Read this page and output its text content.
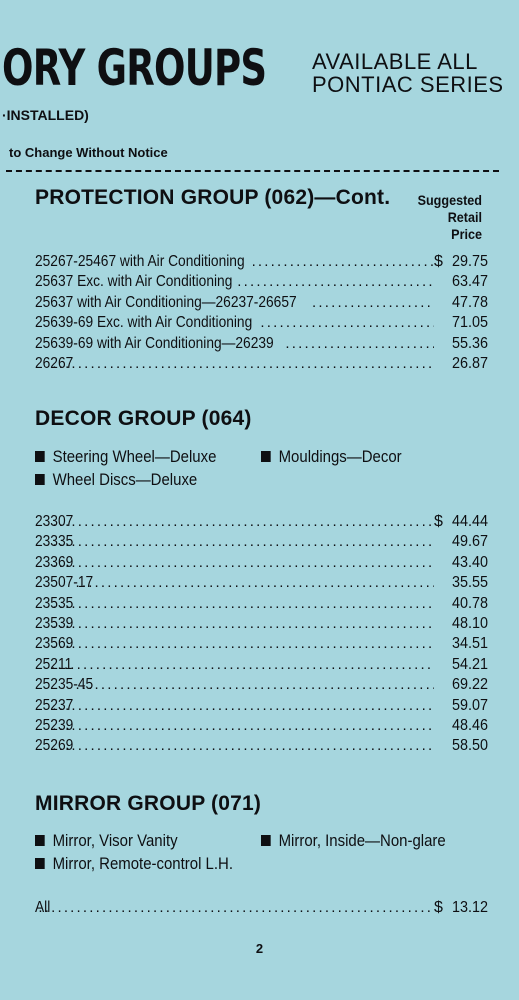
ORY GROUPS AVAILABLE ALL
PONTIAC SERIES
·INSTALLED)
to Change Without Notice
PROTECTION GROUP (062)—Cont. Suggested
Retail
Price
25267-25467 with Air Conditioning .....	$ 29.75
25637 Exc. with Air Conditioning .....	63.47
25637 with Air Conditioning—26237-26657 .....	47.78
25639-69 Exc. with Air Conditioning .....	71.05
25639-69 with Air Conditioning—26239 .....	55.36
26267 .....	26.87
DECOR GROUP (064)
Steering Wheel—Deluxe	Mouldings—Decor
Wheel Discs—Deluxe
23307 .....	$ 44.44
23335 .....	49.67
23369 .....	43.40
23507-17 .....	35.55
23535 .....	40.78
23539 .....	48.10
23569 .....	34.51
25211 .....	54.21
25235-45 .....	69.22
25237 .....	59.07
25239 .....	48.46
25269 .....	58.50
MIRROR GROUP (071)
Mirror, Visor Vanity	Mirror, Inside—Non-glare
Mirror, Remote-control L.H.
All .....	$ 13.12
2
